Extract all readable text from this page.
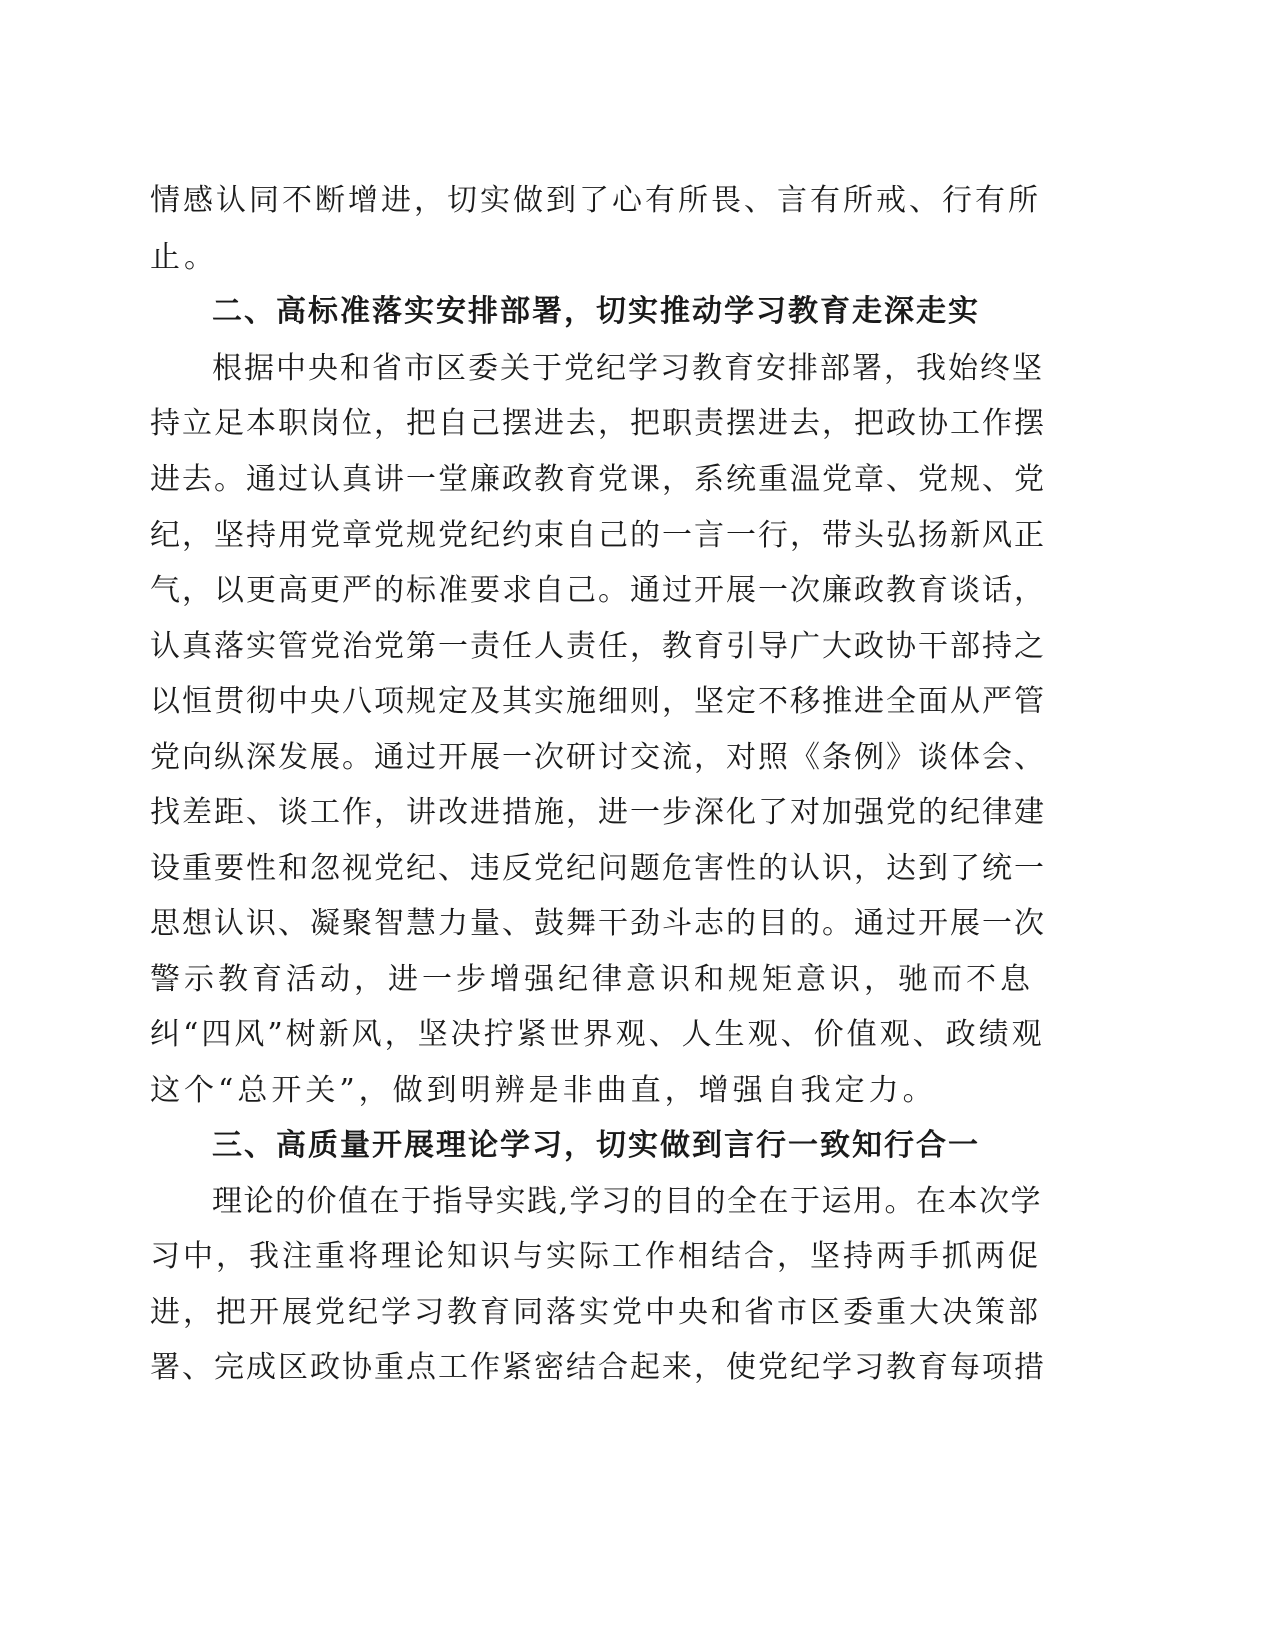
情感认同不断增进，切实做到了心有所畏、言有所戒、行有所
止。
二、高标准落实安排部署，切实推动学习教育走深走实
根据中央和省市区委关于党纪学习教育安排部署，我始终坚
持立足本职岗位，把自己摆进去，把职责摆进去，把政协工作摆
进去。通过认真讲一堂廉政教育党课，系统重温党章、党规、党
纪，坚持用党章党规党纪约束自己的一言一行，带头弘扬新风正
气，以更高更严的标准要求自己。通过开展一次廉政教育谈话，
认真落实管党治党第一责任人责任，教育引导广大政协干部持之
以恒贯彻中央八项规定及其实施细则，坚定不移推进全面从严管
党向纵深发展。通过开展一次研讨交流，对照《条例》谈体会、
找差距、谈工作，讲改进措施，进一步深化了对加强党的纪律建
设重要性和忽视党纪、违反党纪问题危害性的认识，达到了统一
思想认识、凝聚智慧力量、鼓舞干劲斗志的目的。通过开展一次
警示教育活动，进一步增强纪律意识和规矩意识，驰而不息
纠“四风”树新风，坚决拧紧世界观、人生观、价值观、政绩观
这个“总开关”，做到明辨是非曲直，增强自我定力。
三、高质量开展理论学习，切实做到言行一致知行合一
理论的价值在于指导实践,学习的目的全在于运用。在本次学
习中，我注重将理论知识与实际工作相结合，坚持两手抓两促
进，把开展党纪学习教育同落实党中央和省市区委重大决策部
署、完成区政协重点工作紧密结合起来，使党纪学习教育每项措
